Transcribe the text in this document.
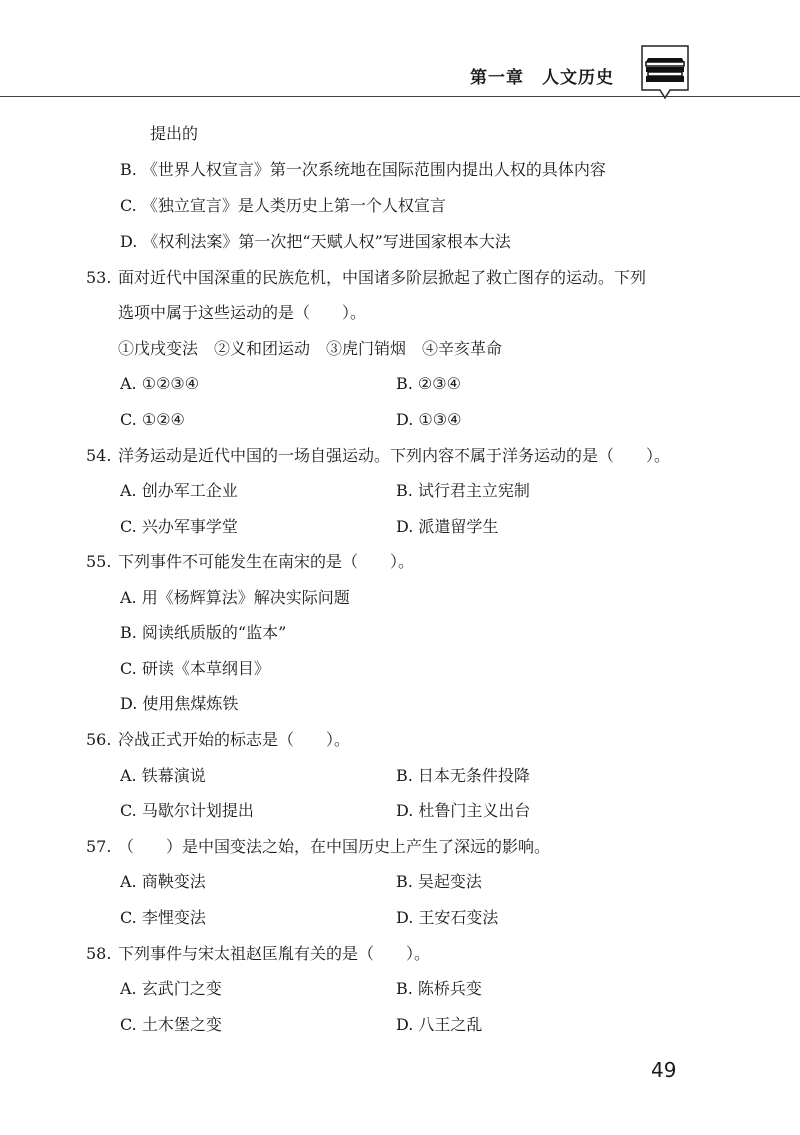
第一章　人文历史
提出的
B. 《世界人权宣言》第一次系统地在国际范围内提出人权的具体内容
C. 《独立宣言》是人类历史上第一个人权宣言
D. 《权利法案》第一次把“天赋人权”写进国家根本大法
53. 面对近代中国深重的民族危机，中国诸多阶层掀起了救亡图存的运动。下列
选项中属于这些运动的是（　　）。
①戊戌变法　②义和团运动　③虎门销烟　④辛亥革命
A. ①②③④	B. ②③④
C. ①②④	D. ①③④
54. 洋务运动是近代中国的一场自强运动。下列内容不属于洋务运动的是（　　）。
A. 创办军工企业	B. 试行君主立宪制
C. 兴办军事学堂	D. 派遣留学生
55. 下列事件不可能发生在南宋的是（　　）。
A. 用《杨辉算法》解决实际问题
B. 阅读纸质版的“监本”
C. 研读《本草纲目》
D. 使用焦煤炼铁
56. 冷战正式开始的标志是（　　）。
A. 铁幕演说	B. 日本无条件投降
C. 马歇尔计划提出	D. 杜鲁门主义出台
57. （　　）是中国变法之始，在中国历史上产生了深远的影响。
A. 商鞅变法	B. 吴起变法
C. 李悝变法	D. 王安石变法
58. 下列事件与宋太祖赵匡胤有关的是（　　）。
A. 玄武门之变	B. 陈桥兵变
C. 土木堡之变	D. 八王之乱
49
